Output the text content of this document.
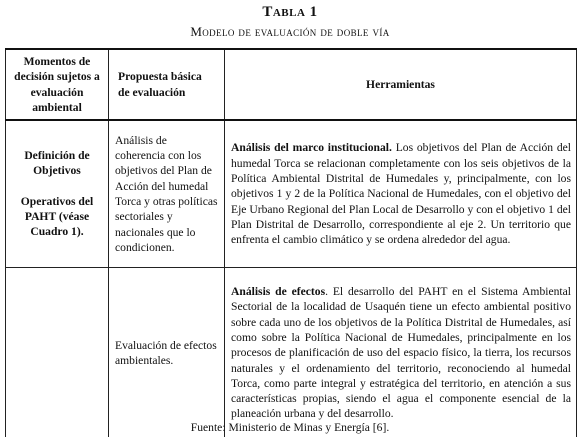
Tabla 1
Modelo de evaluación de doble vía
Momentos de decisión sujetos a evaluación ambiental	Propuesta básica de evaluación	Herramientas

Definición de Objetivos
Operativos del PAHT (véase Cuadro 1).	Análisis de coherencia con los objetivos del Plan de Acción del humedal Torca y otras políticas sectoriales y nacionales que lo condicionen.	Análisis del marco institucional. Los objetivos del Plan de Acción del humedal Torca se relacionan completamente con los seis objetivos de la Política Ambiental Distrital de Humedales y, principalmente, con los objetivos 1 y 2 de la Política Nacional de Humedales, con el objetivo del Eje Urbano Regional del Plan Local de Desarrollo y con el objetivo 1 del Plan Distrital de Desarrollo, correspondiente al eje 2. Un territorio que enfrenta el cambio climático y se ordena alrededor del agua.
	Evaluación de efectos ambientales.	Análisis de efectos. El desarrollo del PAHT en el Sistema Ambiental Sectorial de la localidad de Usaquén tiene un efecto ambiental positivo sobre cada uno de los objetivos de la Política Distrital de Humedales, así como sobre la Política Nacional de Humedales, principalmente en los procesos de planificación de uso del espacio físico, la tierra, los recursos naturales y el ordenamiento del territorio, reconociendo al humedal Torca, como parte integral y estratégica del territorio, en atención a sus características propias, siendo el agua el componente esencial de la planeación urbana y del desarrollo.
Fuente: Ministerio de Minas y Energía [6].
